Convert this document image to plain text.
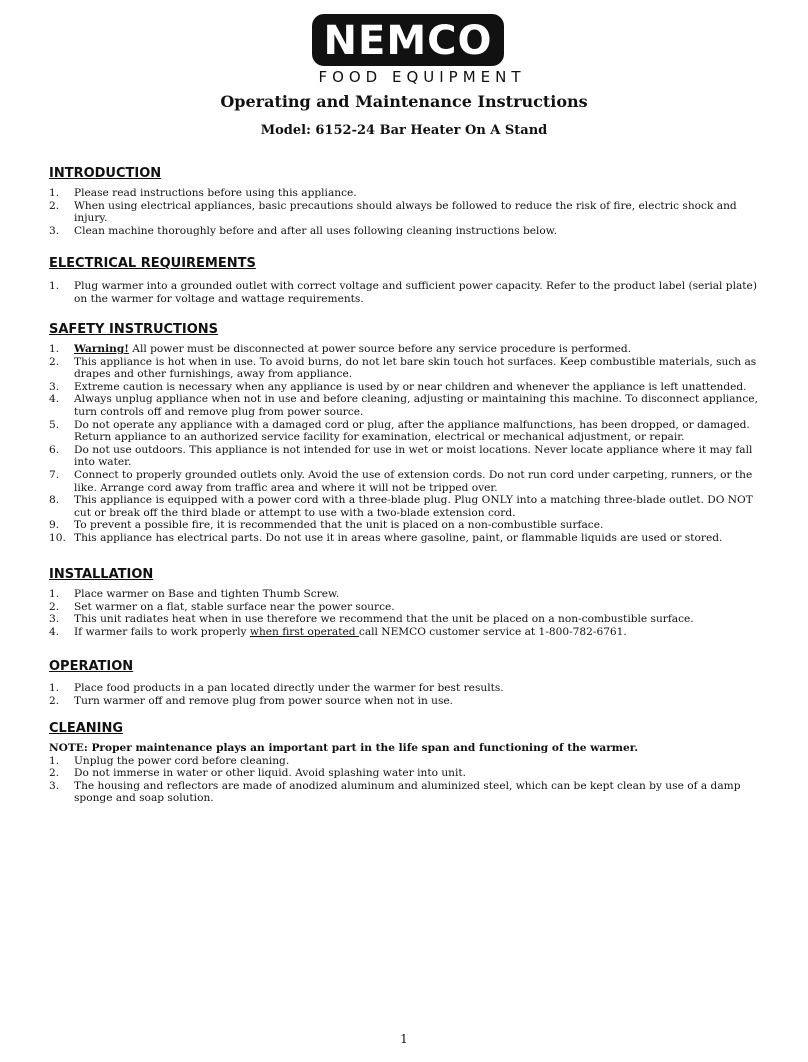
NEMCO
FOOD EQUIPMENT
Operating and Maintenance Instructions
Model: 6152-24 Bar Heater On A Stand
INTRODUCTION
1. Please read instructions before using this appliance.
2. When using electrical appliances, basic precautions should always be followed to reduce the risk of fire, electric shock and injury.
3. Clean machine thoroughly before and after all uses following cleaning instructions below.
ELECTRICAL REQUIREMENTS
1. Plug warmer into a grounded outlet with correct voltage and sufficient power capacity. Refer to the product label (serial plate) on the warmer for voltage and wattage requirements.
SAFETY INSTRUCTIONS
1. Warning! All power must be disconnected at power source before any service procedure is performed.
2. This appliance is hot when in use. To avoid burns, do not let bare skin touch hot surfaces. Keep combustible materials, such as drapes and other furnishings, away from appliance.
3. Extreme caution is necessary when any appliance is used by or near children and whenever the appliance is left unattended.
4. Always unplug appliance when not in use and before cleaning, adjusting or maintaining this machine. To disconnect appliance, turn controls off and remove plug from power source.
5. Do not operate any appliance with a damaged cord or plug, after the appliance malfunctions, has been dropped, or damaged. Return appliance to an authorized service facility for examination, electrical or mechanical adjustment, or repair.
6. Do not use outdoors. This appliance is not intended for use in wet or moist locations. Never locate appliance where it may fall into water.
7. Connect to properly grounded outlets only. Avoid the use of extension cords. Do not run cord under carpeting, runners, or the like. Arrange cord away from traffic area and where it will not be tripped over.
8. This appliance is equipped with a power cord with a three-blade plug. Plug ONLY into a matching three-blade outlet. DO NOT cut or break off the third blade or attempt to use with a two-blade extension cord.
9. To prevent a possible fire, it is recommended that the unit is placed on a non-combustible surface.
10. This appliance has electrical parts. Do not use it in areas where gasoline, paint, or flammable liquids are used or stored.
INSTALLATION
1. Place warmer on Base and tighten Thumb Screw.
2. Set warmer on a flat, stable surface near the power source.
3. This unit radiates heat when in use therefore we recommend that the unit be placed on a non-combustible surface.
4. If warmer fails to work properly when first operated call NEMCO customer service at 1-800-782-6761.
OPERATION
1. Place food products in a pan located directly under the warmer for best results.
2. Turn warmer off and remove plug from power source when not in use.
CLEANING
NOTE: Proper maintenance plays an important part in the life span and functioning of the warmer.
1. Unplug the power cord before cleaning.
2. Do not immerse in water or other liquid. Avoid splashing water into unit.
3. The housing and reflectors are made of anodized aluminum and aluminized steel, which can be kept clean by use of a damp sponge and soap solution.
1
